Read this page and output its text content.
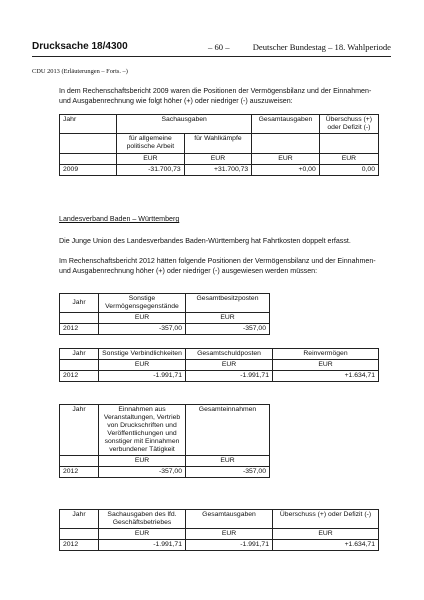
Drucksache 18/4300	– 60 –	Deutscher Bundestag – 18. Wahlperiode
CDU 2013 (Erläuterungen – Forts. –)
In dem Rechenschaftsbericht 2009 waren die Positionen der Vermögensbilanz und der Einnahmen- und Ausgabenrechnung wie folgt höher (+) oder niedriger (-) auszuweisen:
Jahr	Sachausgaben		Gesamtausgaben	Überschuss (+) oder Defizit (-)
	für allgemeine politische Arbeit	für Wahlkämpfe		
	EUR	EUR	EUR	EUR
2009	-31.700,73	+31.700,73	+0,00	0,00
Landesverband Baden – Württemberg
Die Junge Union des Landesverbandes Baden-Württemberg hat Fahrtkosten doppelt erfasst.
Im Rechenschaftsbericht 2012 hätten folgende Positionen der Vermögensbilanz und der Einnahmen- und Ausgabenrechnung höher (+) oder niedriger (-) ausgewiesen werden müssen:
Jahr	Sonstige Vermögensgegenstände	Gesamtbesitzposten
	EUR	EUR
2012	-357,00	-357,00
Jahr	Sonstige Verbindlichkeiten	Gesamtschuldposten	Reinvermögen
	EUR	EUR	EUR
2012	-1.991,71	-1.991,71	+1.634,71
Jahr	Einnahmen aus Veranstaltungen, Vertrieb von Druckschriften und Veröffentlichungen und sonstiger mit Einnahmen verbundener Tätigkeit	Gesamteinnahmen
	EUR	EUR
2012	-357,00	-357,00
Jahr	Sachausgaben des lfd. Geschäftsbetriebes	Gesamtausgaben	Überschuss (+) oder Defizit (-)
	EUR	EUR	EUR
2012	-1.991,71	-1.991,71	+1.634,71
